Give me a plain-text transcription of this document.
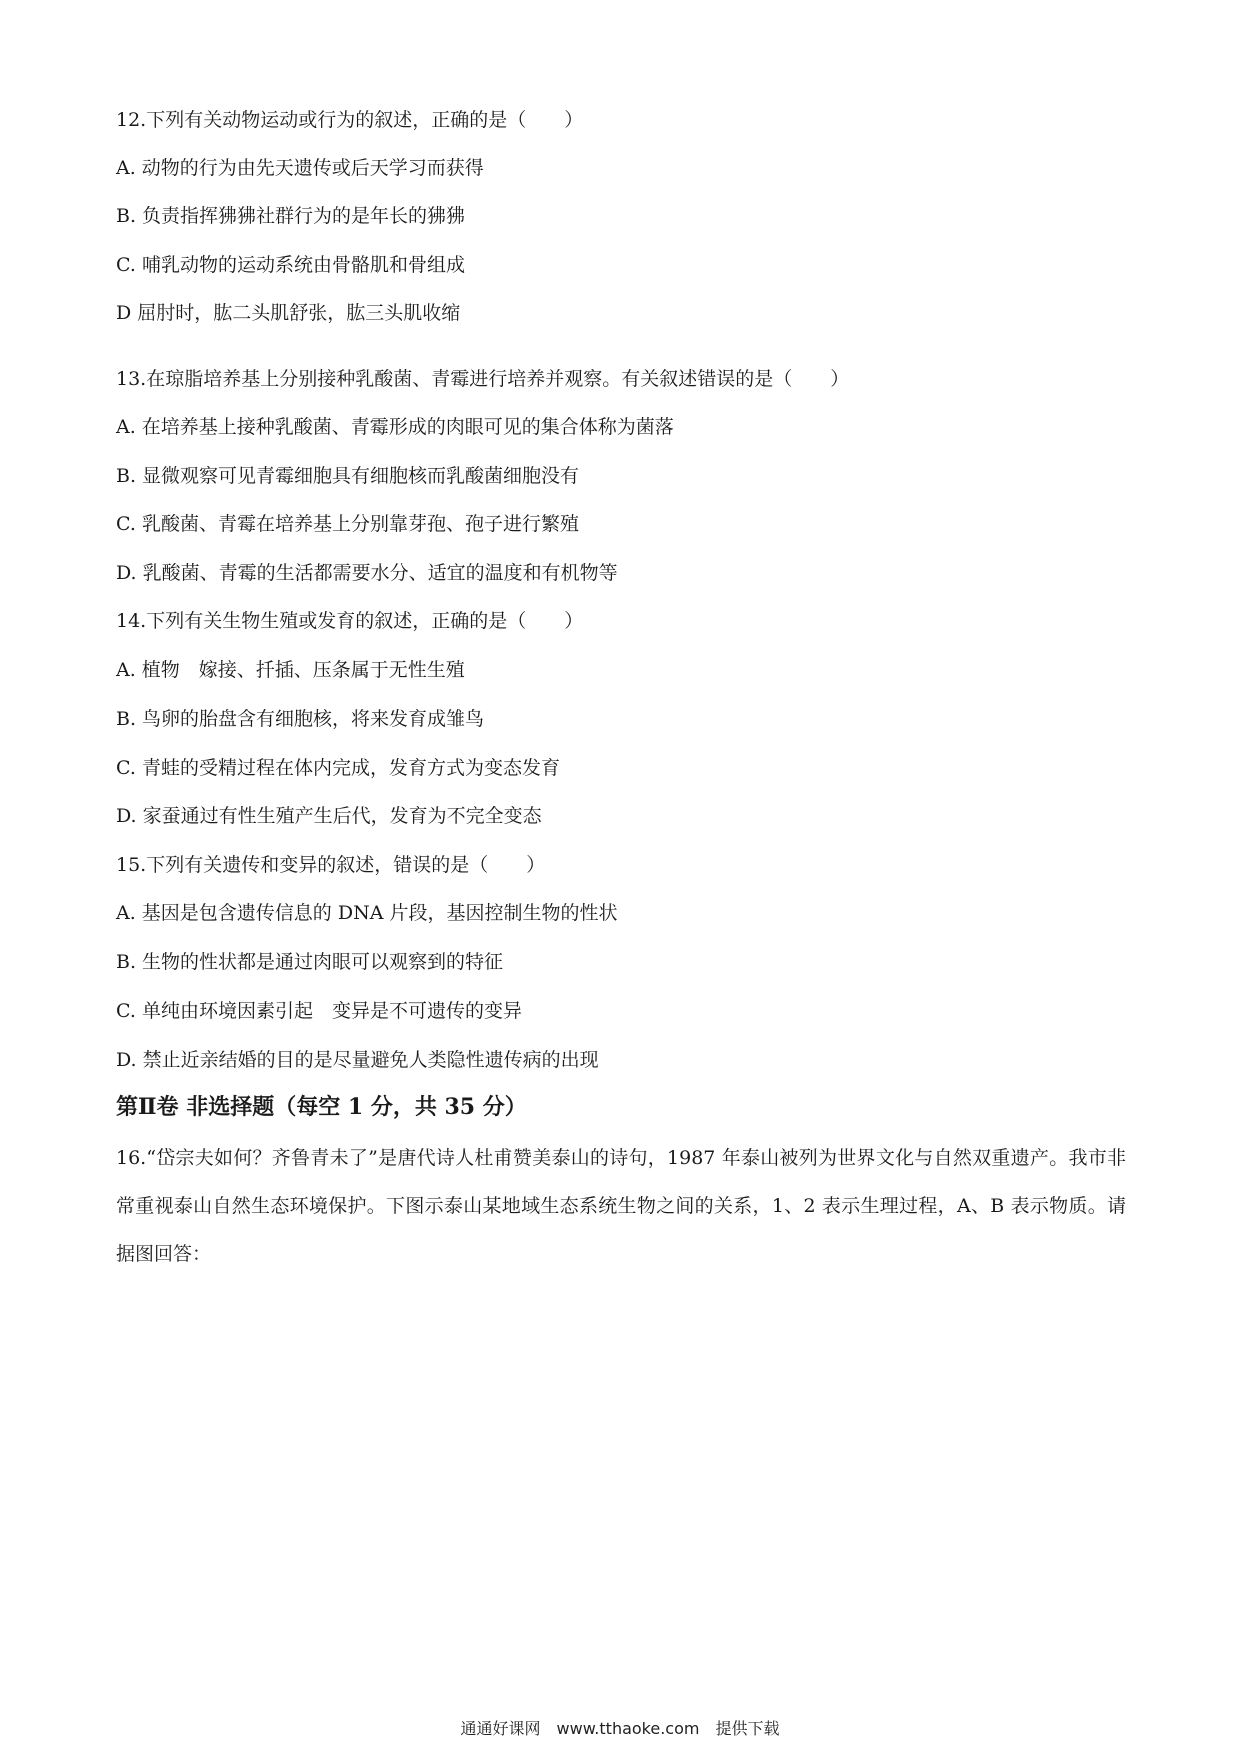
12.下列有关动物运动或行为的叙述，正确的是（　　）
A. 动物的行为由先天遗传或后天学习而获得
B. 负责指挥狒狒社群行为的是年长的狒狒
C. 哺乳动物的运动系统由骨骼肌和骨组成
D 屈肘时，肱二头肌舒张，肱三头肌收缩
13.在琼脂培养基上分别接种乳酸菌、青霉进行培养并观察。有关叙述错误的是（　　）
A. 在培养基上接种乳酸菌、青霉形成的肉眼可见的集合体称为菌落
B. 显微观察可见青霉细胞具有细胞核而乳酸菌细胞没有
C. 乳酸菌、青霉在培养基上分别靠芽孢、孢子进行繁殖
D. 乳酸菌、青霉的生活都需要水分、适宜的温度和有机物等
14.下列有关生物生殖或发育的叙述，正确的是（　　）
A. 植物　嫁接、扦插、压条属于无性生殖
B. 鸟卵的胎盘含有细胞核，将来发育成雏鸟
C. 青蛙的受精过程在体内完成，发育方式为变态发育
D. 家蚕通过有性生殖产生后代，发育为不完全变态
15.下列有关遗传和变异的叙述，错误的是（　　）
A. 基因是包含遗传信息的 DNA 片段，基因控制生物的性状
B. 生物的性状都是通过肉眼可以观察到的特征
C. 单纯由环境因素引起　变异是不可遗传的变异
D. 禁止近亲结婚的目的是尽量避免人类隐性遗传病的出现
第Ⅱ卷 非选择题（每空 1 分，共 35 分）
16.“岱宗夫如何？齐鲁青未了”是唐代诗人杜甫赞美泰山的诗句，1987 年泰山被列为世界文化与自然双重遗产。我市非常重视泰山自然生态环境保护。下图示泰山某地域生态系统生物之间的关系，1、2 表示生理过程，A、B 表示物质。请据图回答：
通通好课网　www.tthaoke.com　提供下载
